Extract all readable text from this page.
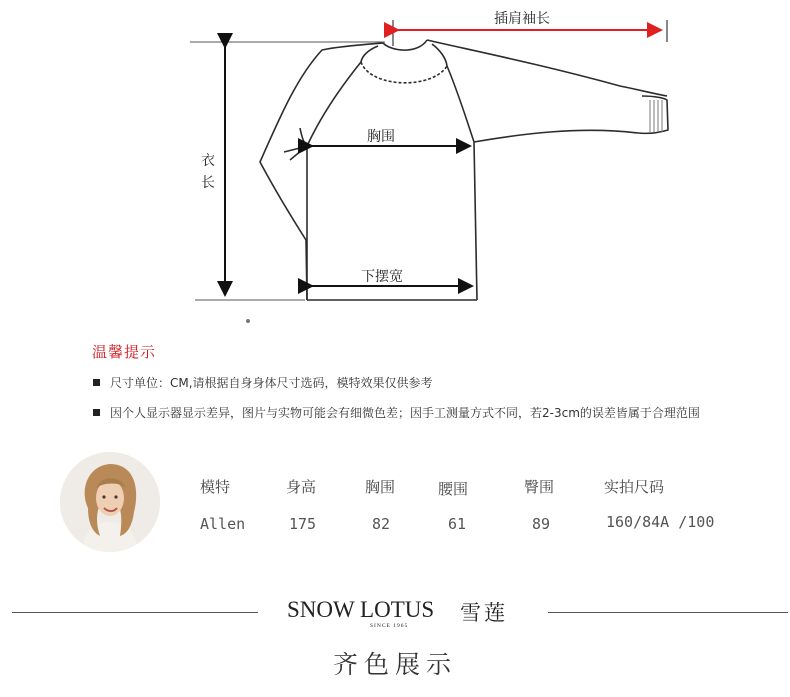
插肩袖长
胸围
衣
长
下摆宽
温馨提示
尺寸单位：CM,请根据自身身体尺寸选码，模特效果仅供参考
因个人显示器显示差异，图片与实物可能会有细微色差；因手工测量方式不同，若2-3cm的误差皆属于合理范围
模特	身高	胸围	腰围	臀围	实拍尺码
Allen	175	82	61	89	160/84A /100
SNOW LOTUS 雪莲
SINCE 1965
齐色展示
